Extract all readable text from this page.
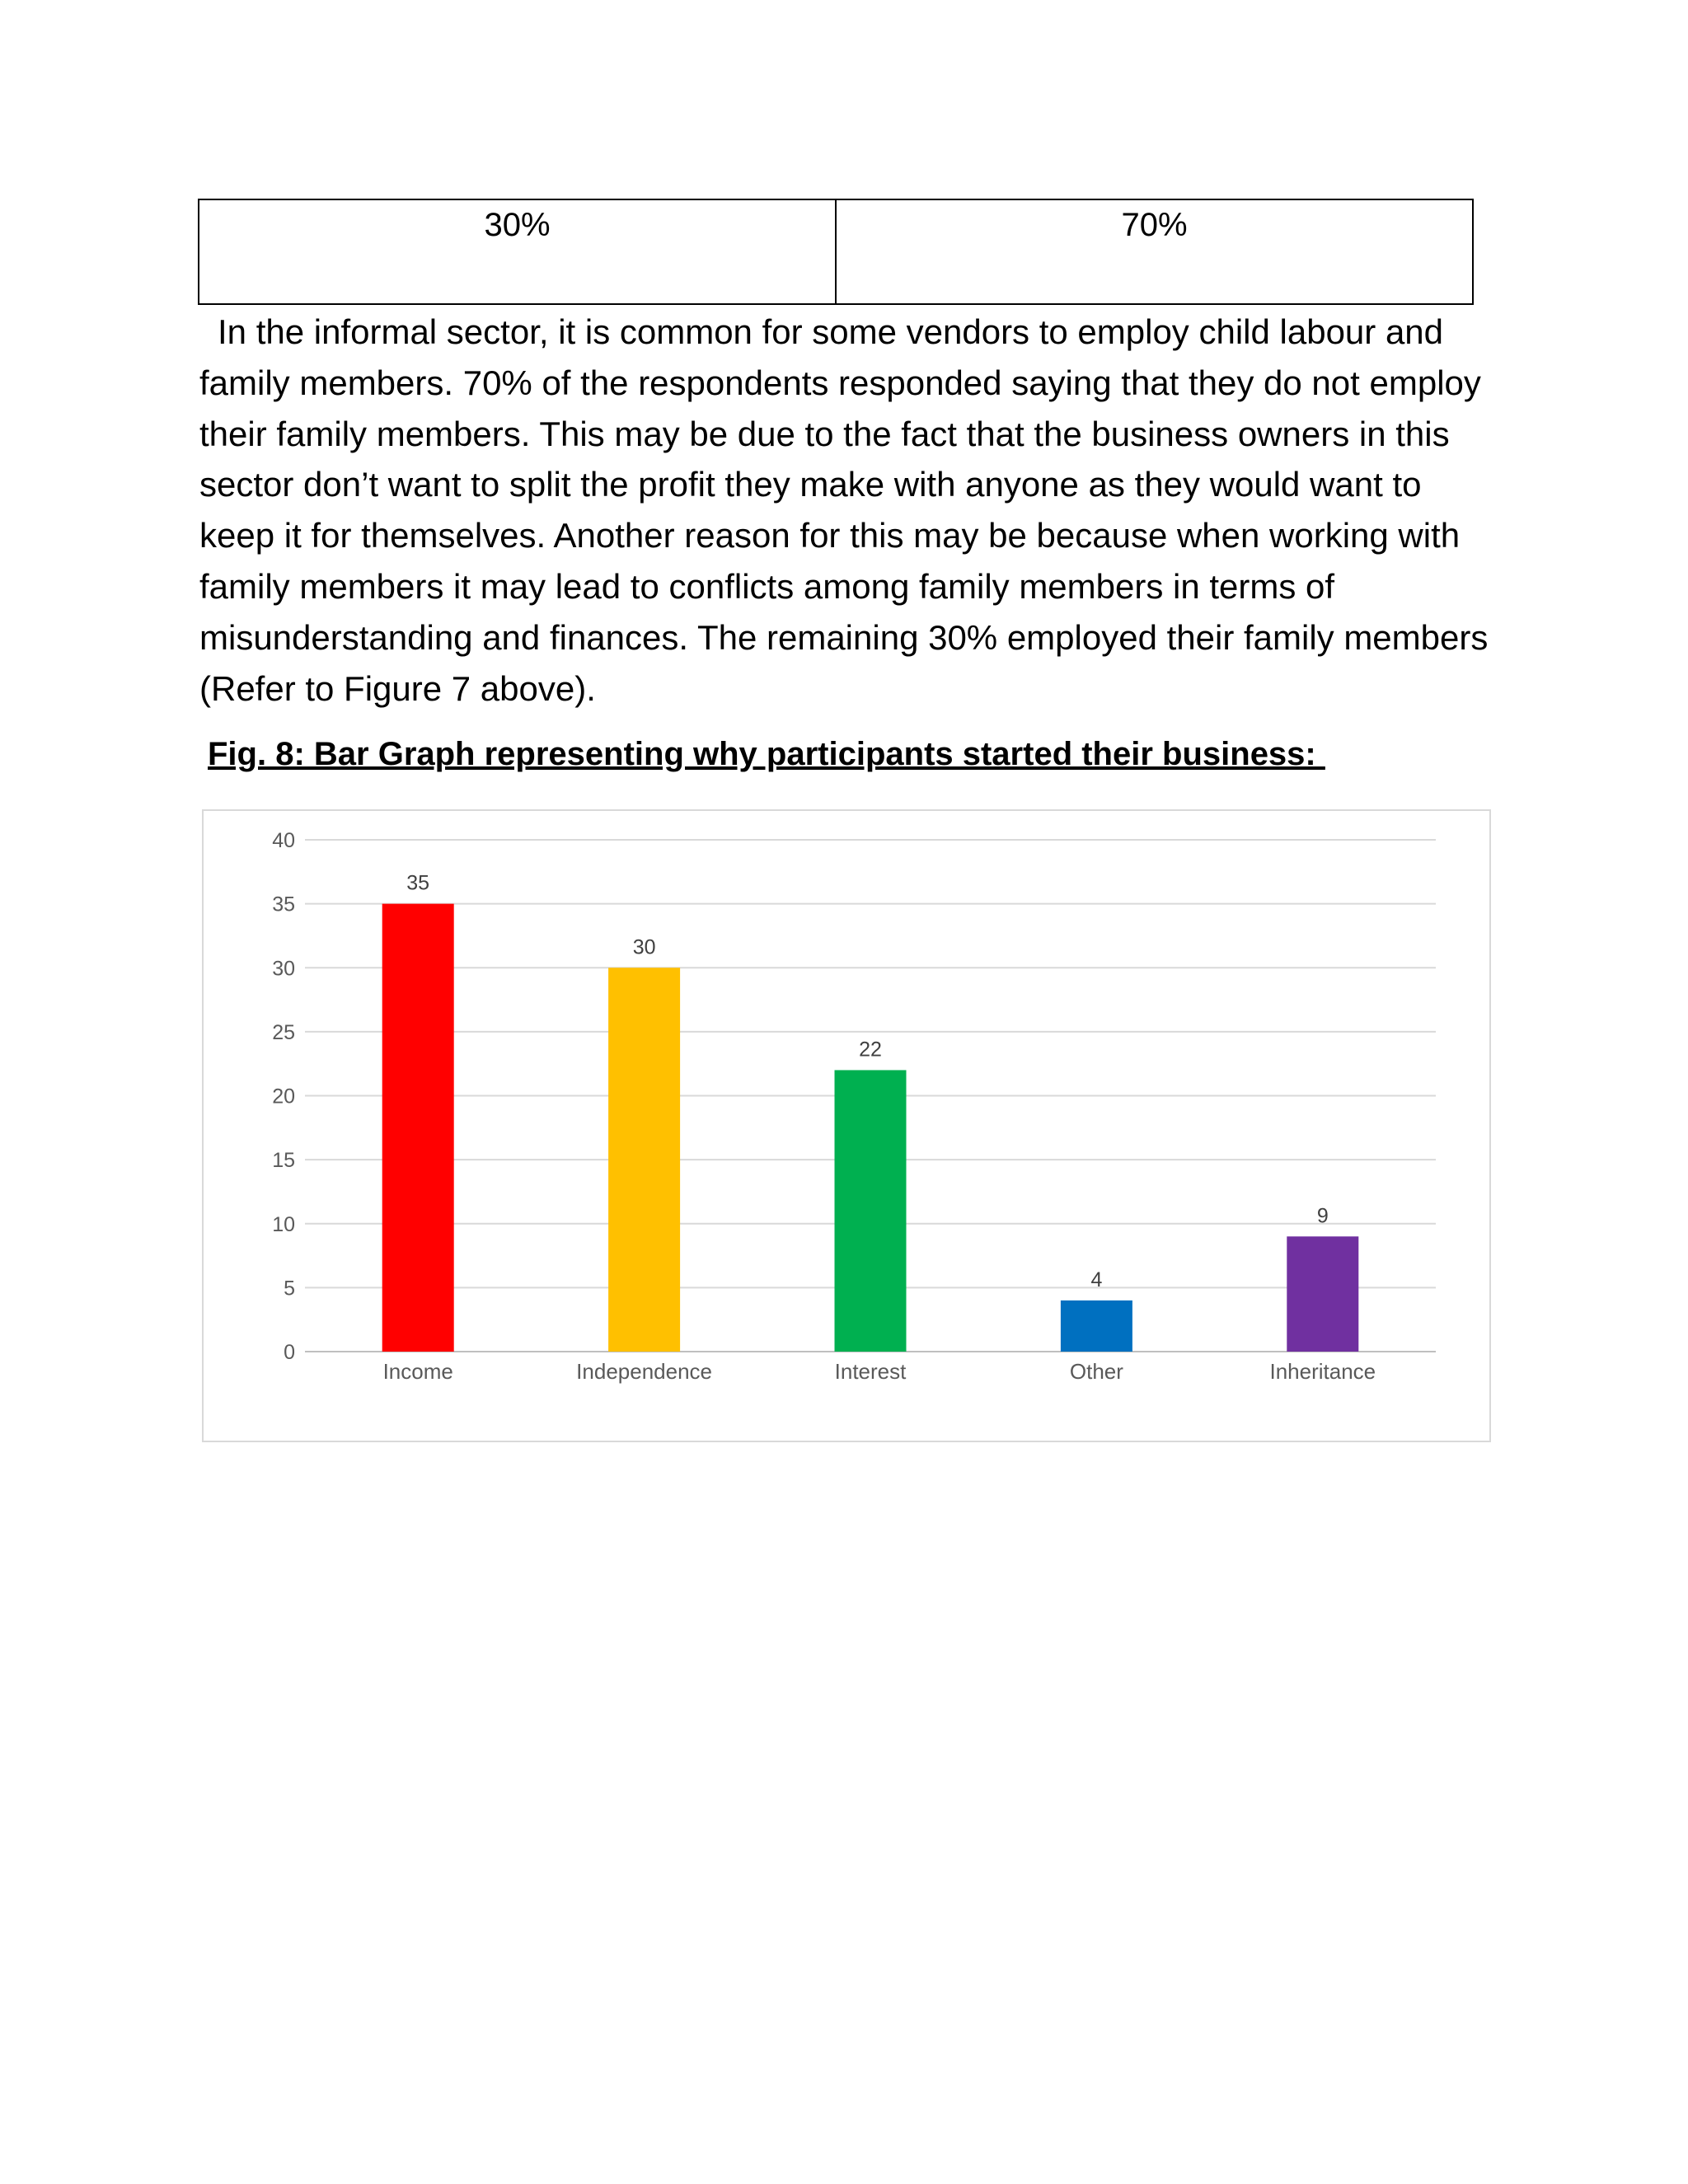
30%	70%

In the informal sector, it is common for some vendors to employ child labour and family members. 70% of the respondents responded saying that they do not employ their family members. This may be due to the fact that the business owners in this sector don’t want to split the profit they make with anyone as they would want to keep it for themselves. Another reason for this may be because when working with family members it may lead to conflicts among family members in terms of misunderstanding and finances. The remaining 30% employed their family members (Refer to Figure 7 above).

Fig. 8: Bar Graph representing why participants started their business:

0
5
10
15
20
25
30
35
40
35
Income
30
Independence
22
Interest
4
Other
9
Inheritance
